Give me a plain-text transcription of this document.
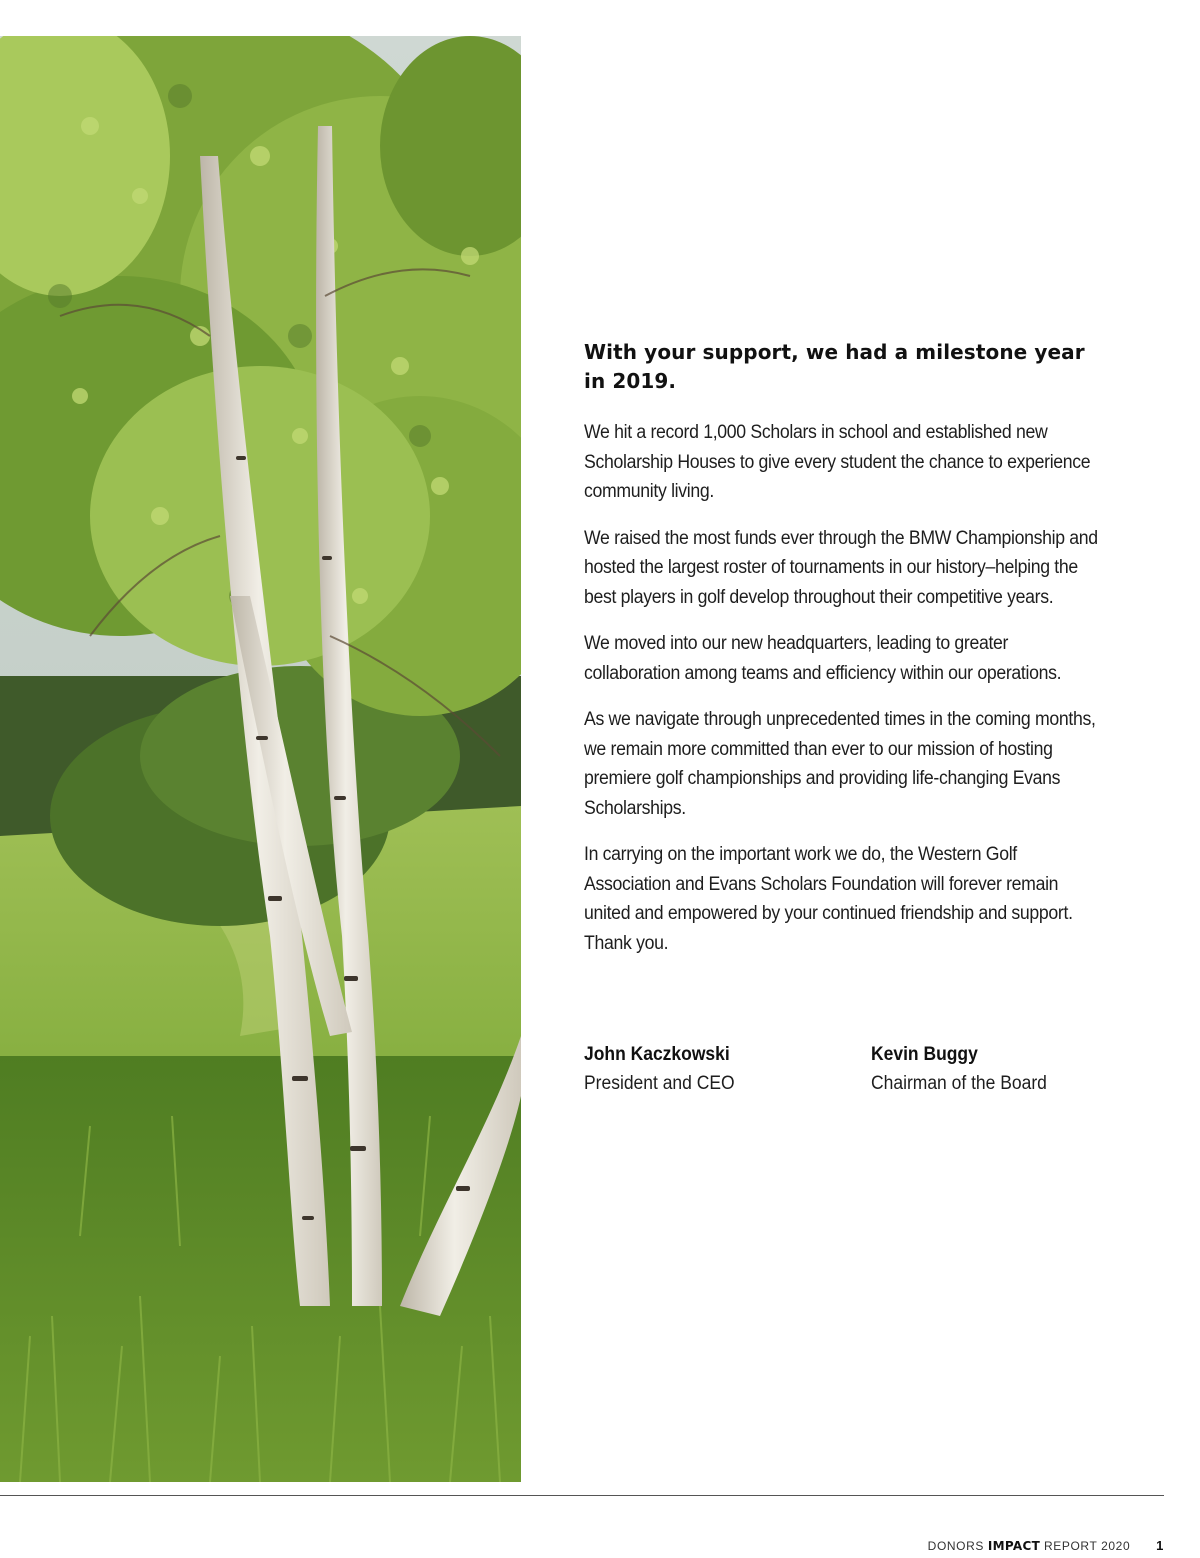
With your support, we had a milestone year in 2019.

We hit a record 1,000 Scholars in school and established new Scholarship Houses to give every student the chance to experience community living.

We raised the most funds ever through the BMW Championship and hosted the largest roster of tournaments in our history–helping the best players in golf develop throughout their competitive years.

We moved into our new headquarters, leading to greater collaboration among teams and efficiency within our operations.

As we navigate through unprecedented times in the coming months, we remain more committed than ever to our mission of hosting premiere golf championships and providing life-changing Evans Scholarships.

In carrying on the important work we do, the Western Golf Association and Evans Scholars Foundation will forever remain united and empowered by your continued friendship and support. Thank you.

John Kaczkowski
President and CEO
Kevin Buggy
Chairman of the Board
DONORS IMPACT REPORT 2020 1
